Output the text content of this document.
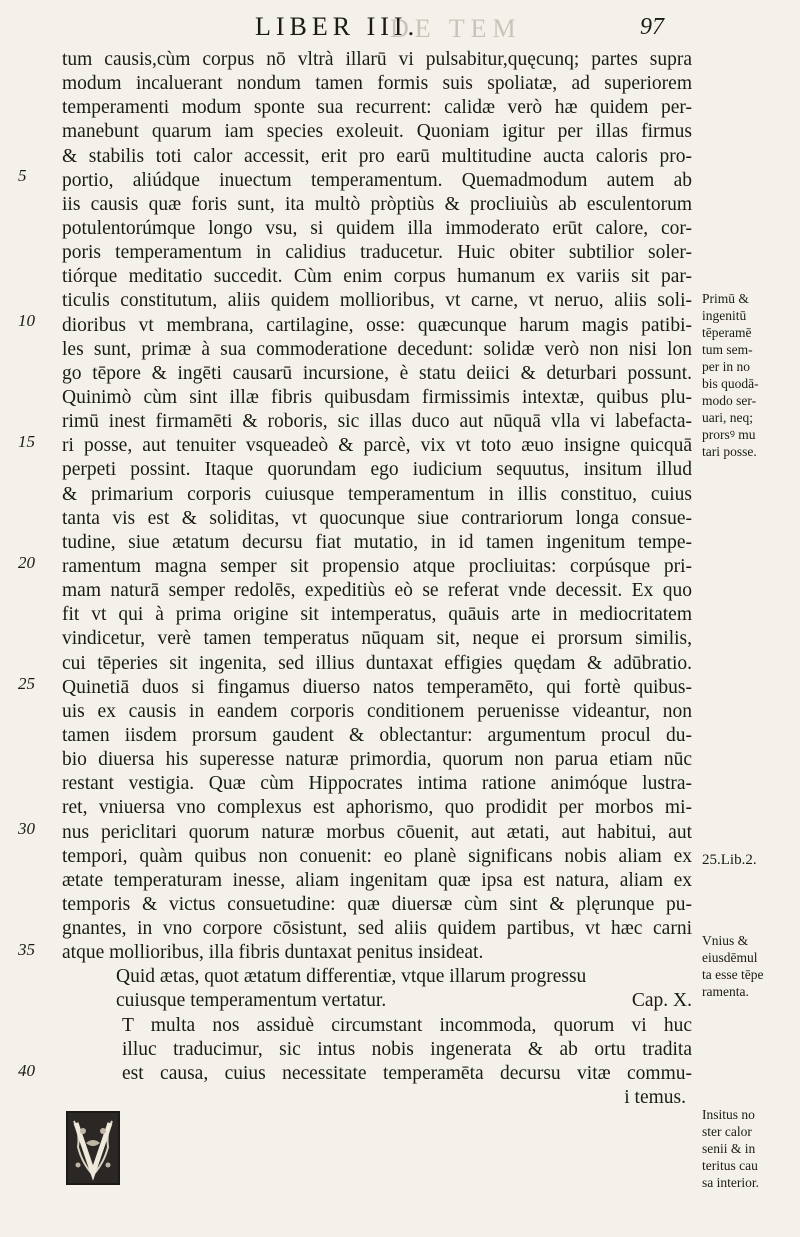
DE TEM
LIBER III.	97
5
10
15
20
25
30
35
40
tum causis,cùm corpus nō vltrà illarū vi pulsabitur,quęcunq; partes supra
modum incaluerant nondum tamen formis suis spoliatæ, ad superiorem
temperamenti modum sponte sua recurrent: calidæ verò hæ quidem per-
manebunt quarum iam species exoleuit. Quoniam igitur per illas firmus
& stabilis toti calor accessit, erit pro earū multitudine aucta caloris pro-
portio, aliúdque inuectum temperamentum. Quemadmodum autem ab
iis causis quæ foris sunt, ita multò pròptiùs & procliuiùs ab esculentorum
potulentorúmque longo vsu, si quidem illa immoderato erūt calore, cor-
poris temperamentum in calidius traducetur. Huic obiter subtilior soler-
tiórque meditatio succedit. Cùm enim corpus humanum ex variis sit par-
ticulis constitutum, aliis quidem mollioribus, vt carne, vt neruo, aliis soli-
dioribus vt membrana, cartilagine, osse: quæcunque harum magis patibi-
les sunt, primæ à sua commoderatione decedunt: solidæ verò non nisi lon
go tēpore & ingēti causarū incursione, è statu deiici & deturbari possunt.
Quinimò cùm sint illæ fibris quibusdam firmissimis intextæ, quibus plu-
rimū inest firmamēti & roboris, sic illas duco aut nūquā vlla vi labefacta-
ri posse, aut tenuiter vsqueadeò & parcè, vix vt toto æuo insigne quicquā
perpeti possint. Itaque quorundam ego iudicium sequutus, insitum illud
& primarium corporis cuiusque temperamentum in illis constituo, cuius
tanta vis est & soliditas, vt quocunque siue contrariorum longa consue-
tudine, siue ætatum decursu fiat mutatio, in id tamen ingenitum tempe-
ramentum magna semper sit propensio atque procliuitas: corpúsque pri-
mam naturā semper redolēs, expeditiùs eò se referat vnde decessit. Ex quo
fit vt qui à prima origine sit intemperatus, quāuis arte in mediocritatem
vindicetur, verè tamen temperatus nūquam sit, neque ei prorsum similis,
cui tēperies sit ingenita, sed illius duntaxat effigies quędam & adūbratio.
Quinetiā duos si fingamus diuerso natos temperamēto, qui fortè quibus-
uis ex causis in eandem corporis conditionem peruenisse videantur, non
tamen iisdem prorsum gaudent & oblectantur: argumentum procul du-
bio diuersa his superesse naturæ primordia, quorum non parua etiam nūc
restant vestigia. Quæ cùm Hippocrates intima ratione animóque lustra-
ret, vniuersa vno complexus est aphorismo, quo prodidit per morbos mi-
nus periclitari quorum naturæ morbus cōuenit, aut ætati, aut habitui, aut
tempori, quàm quibus non conuenit: eo planè significans nobis aliam ex
ætate temperaturam inesse, aliam ingenitam quæ ipsa est natura, aliam ex
temporis & victus consuetudine: quæ diuersæ cùm sint & plęrunque pu-
gnantes, in vno corpore cōsistunt, sed aliis quidem partibus, vt hæc carni
atque mollioribus, illa fibris duntaxat penitus insideat.
Quid ætas, quot ætatum differentiæ, vtque illarum progressu
cuiusque temperamentum vertatur.	Cap. X.
T multa nos assiduè circumstant incommoda, quorum vi huc
illuc traducimur, sic intus nobis ingenerata & ab ortu tradita
est causa, cuius necessitate temperamēta decursu vitæ commu-
i temus.
Primū &
ingenitū
tēperamē
tum sem-
per in no
bis quodā-
modo ser-
uari, neq;
prorsꝰ mu
tari posse.
25.Lib.2.
Vnius &
eiusdēmul
ta esse tēpe
ramenta.
Insitus no
ster calor
senii & in
teritus cau
sa interior.
